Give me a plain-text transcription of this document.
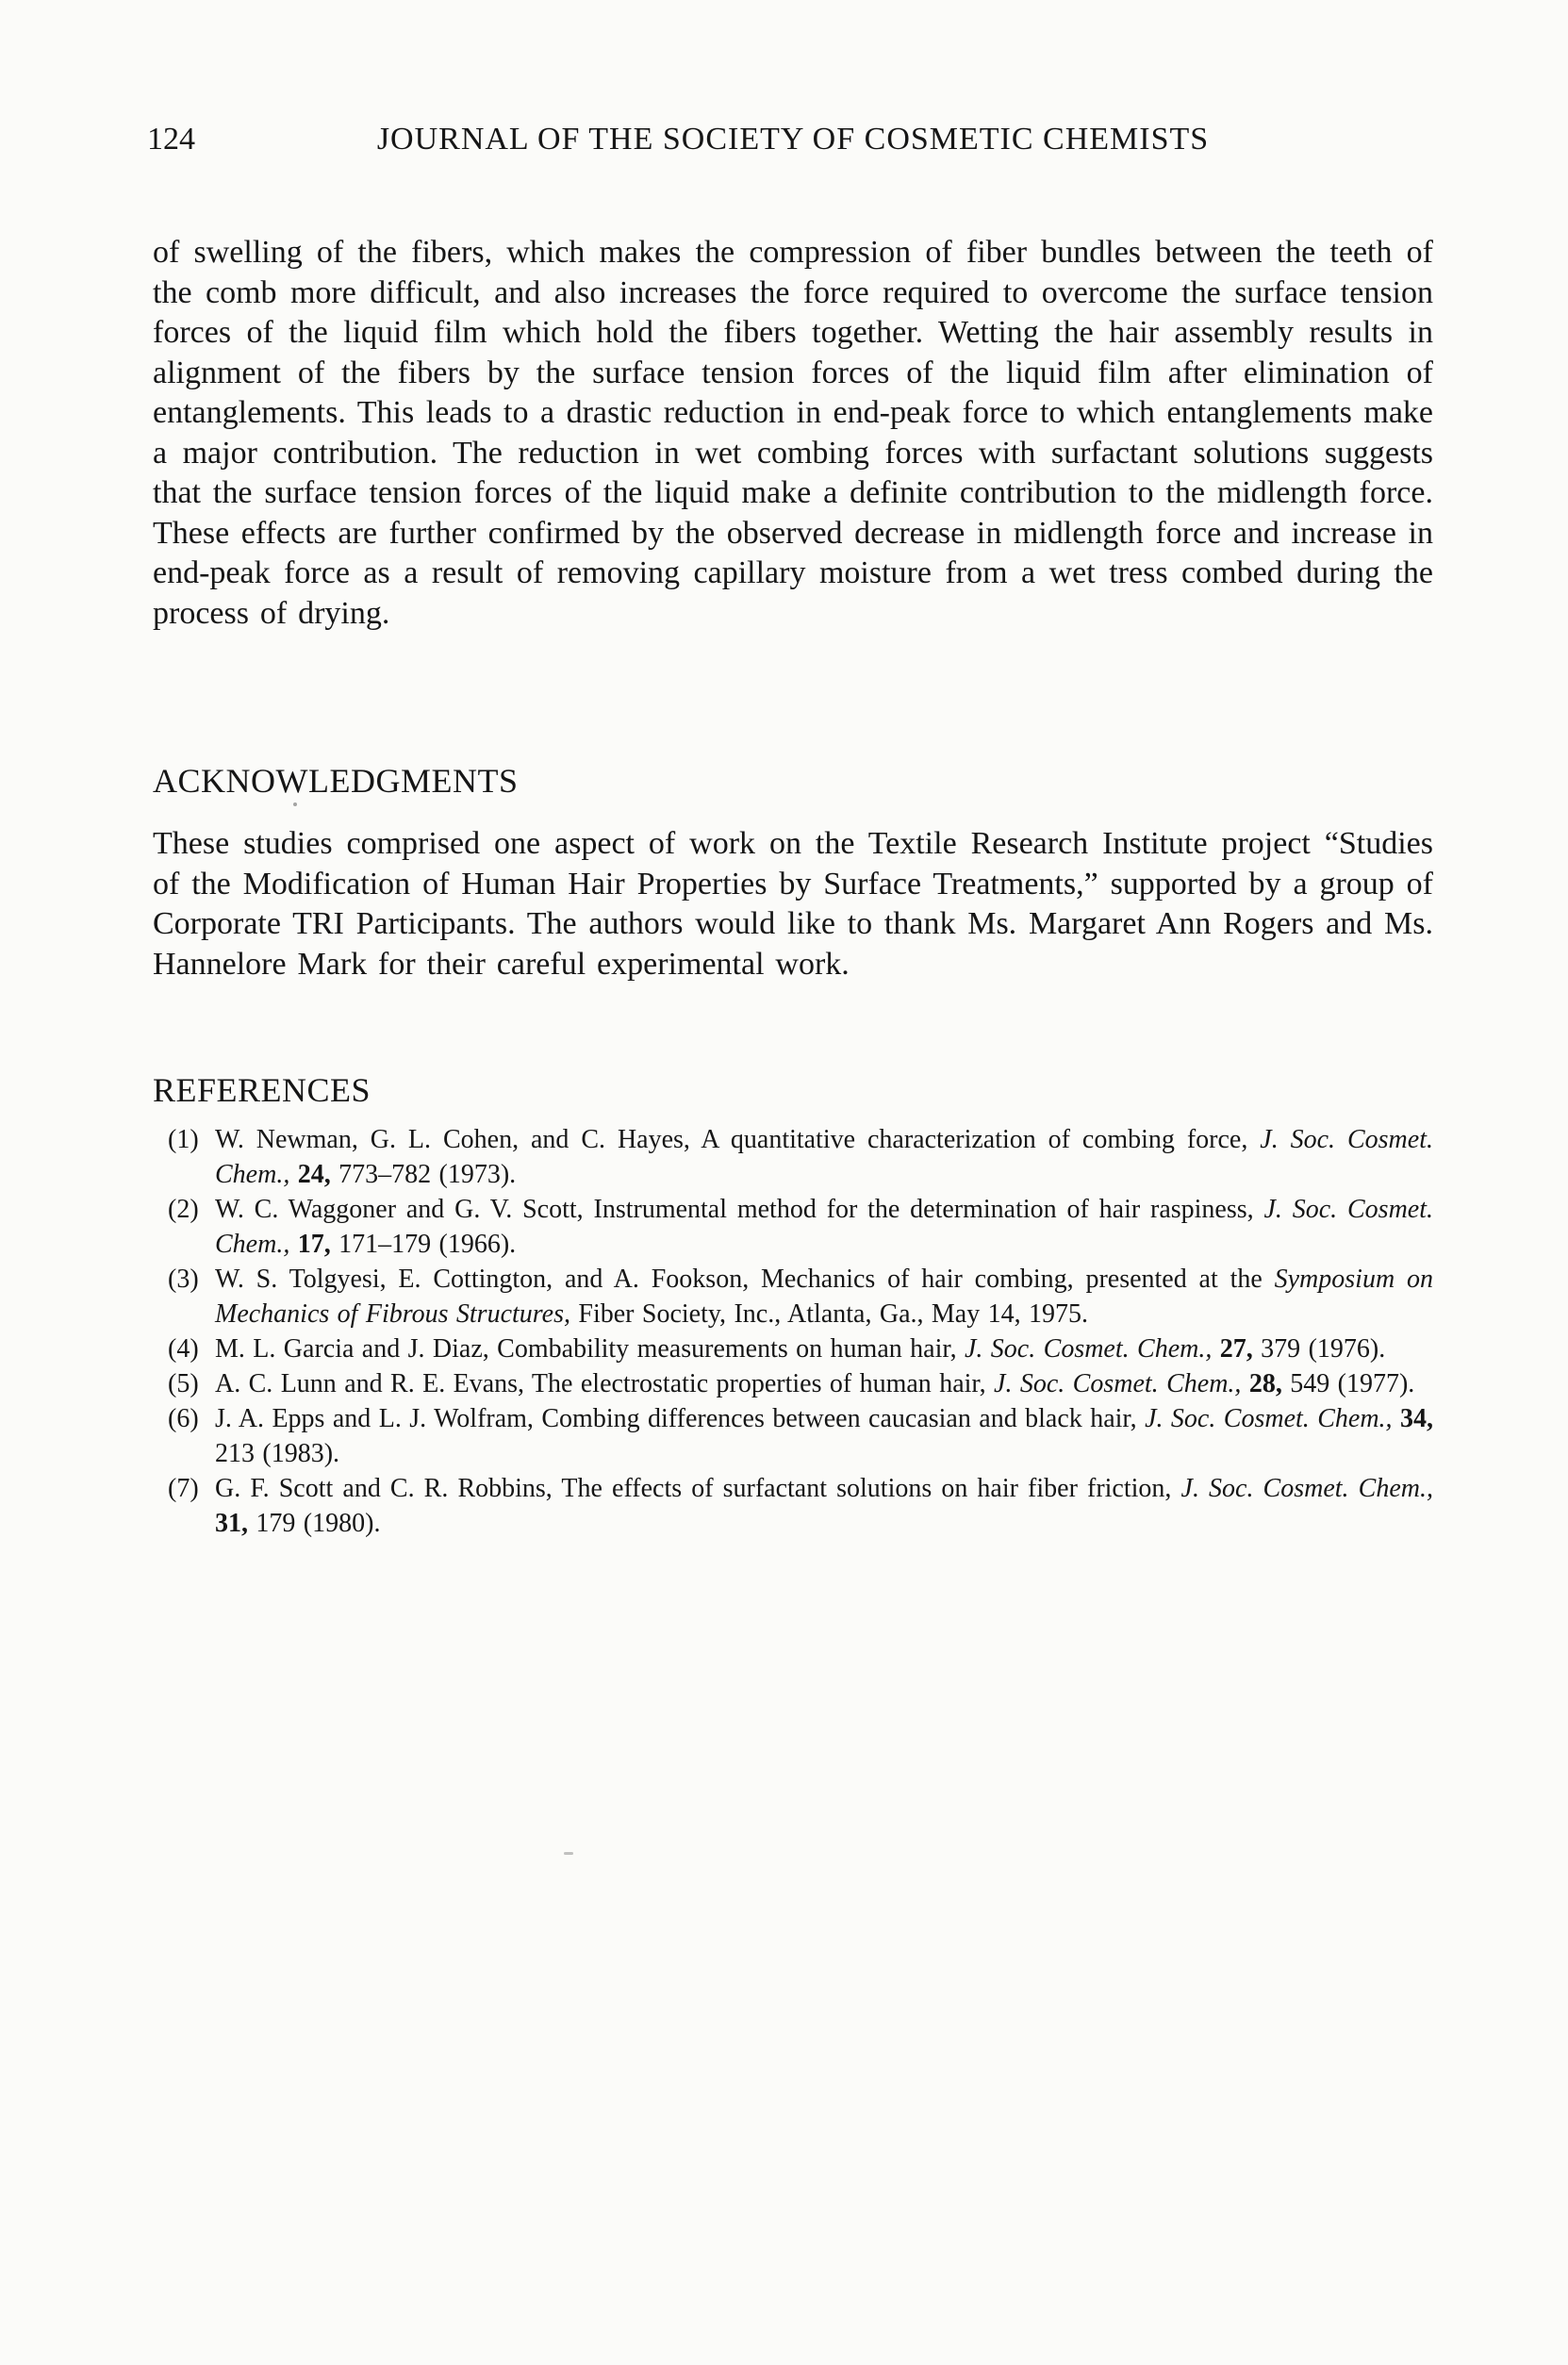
124	JOURNAL OF THE SOCIETY OF COSMETIC CHEMISTS

of swelling of the fibers, which makes the compression of fiber bundles between the teeth of the comb more difficult, and also increases the force required to overcome the surface tension forces of the liquid film which hold the fibers together. Wetting the hair assembly results in alignment of the fibers by the surface tension forces of the liquid film after elimination of entanglements. This leads to a drastic reduction in end-peak force to which entanglements make a major contribution. The reduction in wet combing forces with surfactant solutions suggests that the surface tension forces of the liquid make a definite contribution to the midlength force. These effects are further confirmed by the observed decrease in midlength force and increase in end-peak force as a result of removing capillary moisture from a wet tress combed during the process of drying.

ACKNOWLEDGMENTS

These studies comprised one aspect of work on the Textile Research Institute project “Studies of the Modification of Human Hair Properties by Surface Treatments,” supported by a group of Corporate TRI Participants. The authors would like to thank Ms. Margaret Ann Rogers and Ms. Hannelore Mark for their careful experimental work.

REFERENCES
(1) W. Newman, G. L. Cohen, and C. Hayes, A quantitative characterization of combing force, J. Soc. Cosmet. Chem., 24, 773–782 (1973).
(2) W. C. Waggoner and G. V. Scott, Instrumental method for the determination of hair raspiness, J. Soc. Cosmet. Chem., 17, 171–179 (1966).
(3) W. S. Tolgyesi, E. Cottington, and A. Fookson, Mechanics of hair combing, presented at the Symposium on Mechanics of Fibrous Structures, Fiber Society, Inc., Atlanta, Ga., May 14, 1975.
(4) M. L. Garcia and J. Diaz, Combability measurements on human hair, J. Soc. Cosmet. Chem., 27, 379 (1976).
(5) A. C. Lunn and R. E. Evans, The electrostatic properties of human hair, J. Soc. Cosmet. Chem., 28, 549 (1977).
(6) J. A. Epps and L. J. Wolfram, Combing differences between caucasian and black hair, J. Soc. Cosmet. Chem., 34, 213 (1983).
(7) G. F. Scott and C. R. Robbins, The effects of surfactant solutions on hair fiber friction, J. Soc. Cosmet. Chem., 31, 179 (1980).
